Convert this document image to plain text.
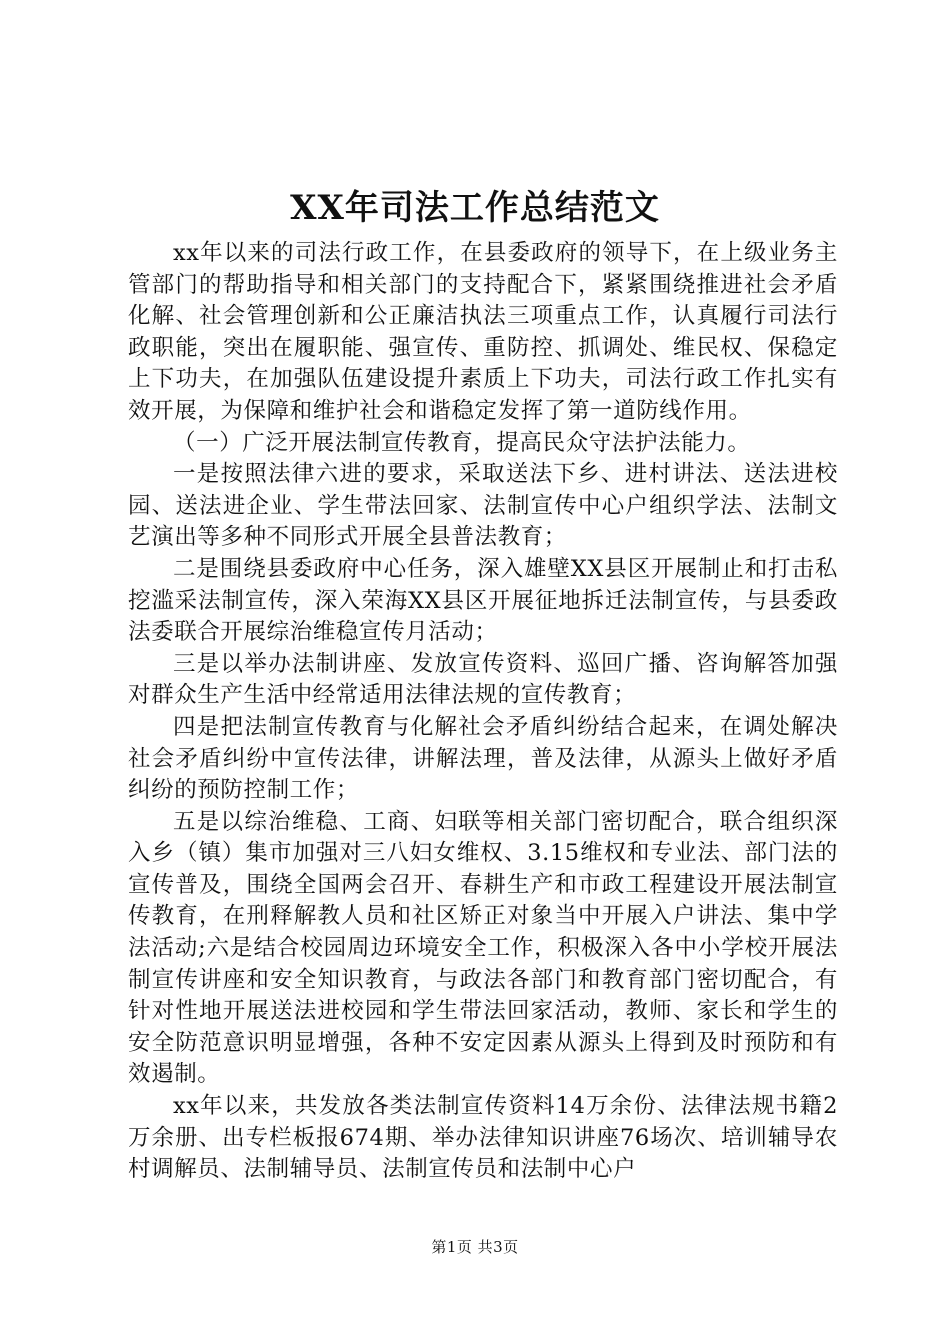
XX年司法工作总结范文

xx年以来的司法行政工作，在县委政府的领导下，在上级业务主管部门的帮助指导和相关部门的支持配合下，紧紧围绕推进社会矛盾化解、社会管理创新和公正廉洁执法三项重点工作，认真履行司法行政职能，突出在履职能、强宣传、重防控、抓调处、维民权、保稳定上下功夫，在加强队伍建设提升素质上下功夫，司法行政工作扎实有效开展，为保障和维护社会和谐稳定发挥了第一道防线作用。

（一）广泛开展法制宣传教育，提高民众守法护法能力。

一是按照法律六进的要求，采取送法下乡、进村讲法、送法进校园、送法进企业、学生带法回家、法制宣传中心户组织学法、法制文艺演出等多种不同形式开展全县普法教育；

二是围绕县委政府中心任务，深入雄壁XX县区开展制止和打击私挖滥采法制宣传，深入荣海XX县区开展征地拆迁法制宣传，与县委政法委联合开展综治维稳宣传月活动；

三是以举办法制讲座、发放宣传资料、巡回广播、咨询解答加强对群众生产生活中经常适用法律法规的宣传教育；

四是把法制宣传教育与化解社会矛盾纠纷结合起来，在调处解决社会矛盾纠纷中宣传法律，讲解法理，普及法律，从源头上做好矛盾纠纷的预防控制工作；

五是以综治维稳、工商、妇联等相关部门密切配合，联合组织深入乡（镇）集市加强对三八妇女维权、3.15维权和专业法、部门法的宣传普及，围绕全国两会召开、春耕生产和市政工程建设开展法制宣传教育，在刑释解教人员和社区矫正对象当中开展入户讲法、集中学法活动;六是结合校园周边环境安全工作，积极深入各中小学校开展法制宣传讲座和安全知识教育，与政法各部门和教育部门密切配合，有针对性地开展送法进校园和学生带法回家活动，教师、家长和学生的安全防范意识明显增强，各种不安定因素从源头上得到及时预防和有效遏制。

xx年以来，共发放各类法制宣传资料14万余份、法律法规书籍2万余册、出专栏板报674期、举办法律知识讲座76场次、培训辅导农村调解员、法制辅导员、法制宣传员和法制中心户

第1页 共3页
